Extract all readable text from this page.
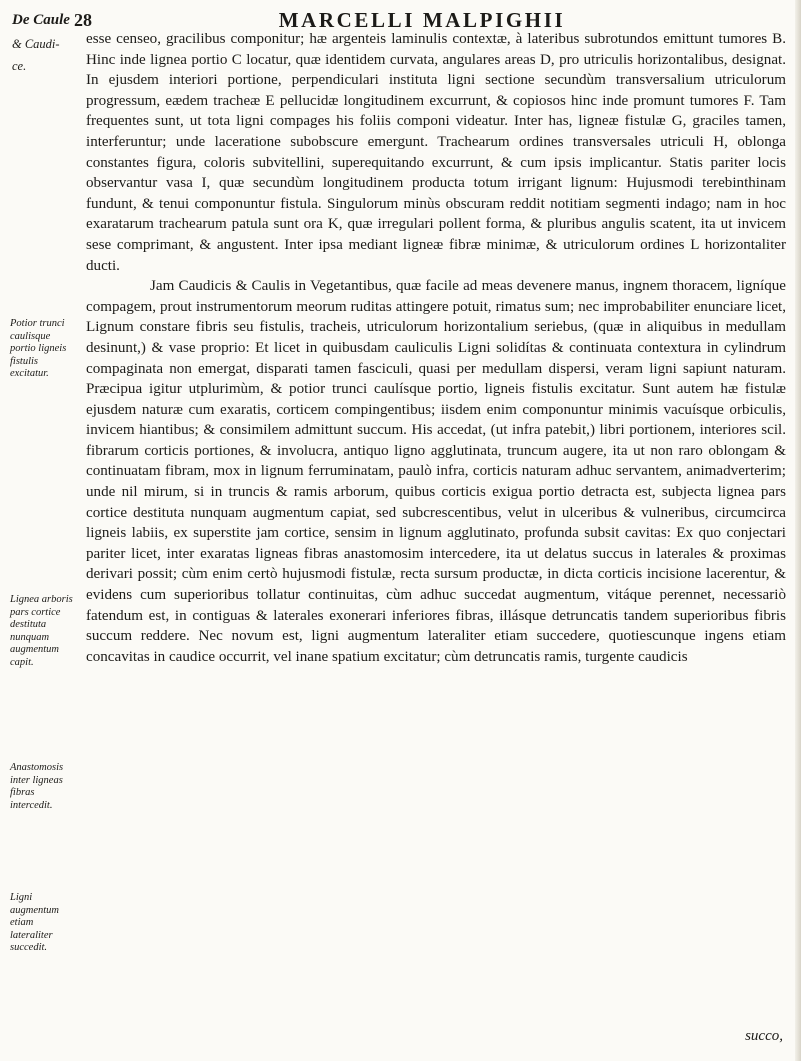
De Caule 28	MARCELLI MALPIGHII
& Caudi-
ce.
Potior trunci caulisque portio ligneis fistulis excitatur.
Lignea arboris pars cortice destituta nunquam augmentum capit.
Anastomosis inter ligneas fibras intercedit.
Ligni augmentum etiam lateraliter succedit.

esse censeo, gracilibus componitur; hæ argenteis laminulis contextæ, à lateribus subrotundos emittunt tumores B. Hinc inde lignea portio C locatur, quæ identidem curvata, angulares areas D, pro utriculis horizontalibus, designat. In ejusdem interiori portione, perpendiculari instituta ligni sectione secundùm transversalium utriculorum progressum, eædem tracheæ E pellucidæ longitudinem excurrunt, & copiosos hinc inde promunt tumores F. Tam frequentes sunt, ut tota ligni compages his foliis componi videatur. Inter has, ligneæ fistulæ G, graciles tamen, interferuntur; unde laceratione subobscure emergunt. Trachearum ordines transversales utriculi H, oblonga constantes figura, coloris subvitellini, superequitando excurrunt, & cum ipsis implicantur. Statis pariter locis observantur vasa I, quæ secundùm longitudinem producta totum irrigant lignum: Hujusmodi terebinthinam fundunt, & tenui componuntur fistula. Singulorum minùs obscuram reddit notitiam segmenti indago; nam in hoc exaratarum trachearum patula sunt ora K, quæ irregulari pollent forma, & pluribus angulis scatent, ita ut invicem sese comprimant, & angustent. Inter ipsa mediant ligneæ fibræ minimæ, & utriculorum ordines L horizontaliter ducti.

Jam Caudicis & Caulis in Vegetantibus, quæ facile ad meas devenere manus, ingnem thoracem, ligníque compagem, prout instrumentorum meorum ruditas attingere potuit, rimatus sum; nec improbabiliter enunciare licet, Lignum constare fibris seu fistulis, tracheis, utriculorum horizontalium seriebus, (quæ in aliquibus in medullam desinunt,) & vase proprio: Et licet in quibusdam cauliculis Ligni solidítas & continuata contextura in cylindrum compaginata non emergat, disparati tamen fasciculi, quasi per medullam dispersi, veram ligni sapiunt naturam. Præcipua igitur utplurimùm, & potior trunci caulísque portio, ligneis fistulis excitatur. Sunt autem hæ fistulæ ejusdem naturæ cum exaratis, corticem compingentibus; iisdem enim componuntur minimis vacuísque orbiculis, invicem hiantibus; & consimilem admittunt succum. His accedat, (ut infra patebit,) libri portionem, interiores scil. fibrarum corticis portiones, & involucra, antiquo ligno agglutinata, truncum augere, ita ut non raro oblongam & continuatam fibram, mox in lignum ferruminatam, paulò infra, corticis naturam adhuc servantem, animadverterim; unde nil mirum, si in truncis & ramis arborum, quibus corticis exigua portio detracta est, subjecta lignea pars cortice destituta nunquam augmentum capiat, sed subcrescentibus, velut in ulceribus & vulneribus, circumcirca ligneis labiis, ex superstite jam cortice, sensim in lignum agglutinato, profunda subsit cavitas: Ex quo conjectari pariter licet, inter exaratas ligneas fibras anastomosim intercedere, ita ut delatus succus in laterales & proximas derivari possit; cùm enim certò hujusmodi fistulæ, recta sursum productæ, in dicta corticis incisione lacerentur, & evidens cum superioribus tollatur continuitas, cùm adhuc succedat augmentum, vitáque perennet, necessariò fatendum est, in contiguas & laterales exonerari inferiores fibras, illásque detruncatis tandem superioribus fibris succum reddere. Nec novum est, ligni augmentum lateraliter etiam succedere, quotiescunque ingens etiam concavitas in caudice occurrit, vel inane spatium excitatur; cùm detruncatis ramis, turgente caudicis

succo,
